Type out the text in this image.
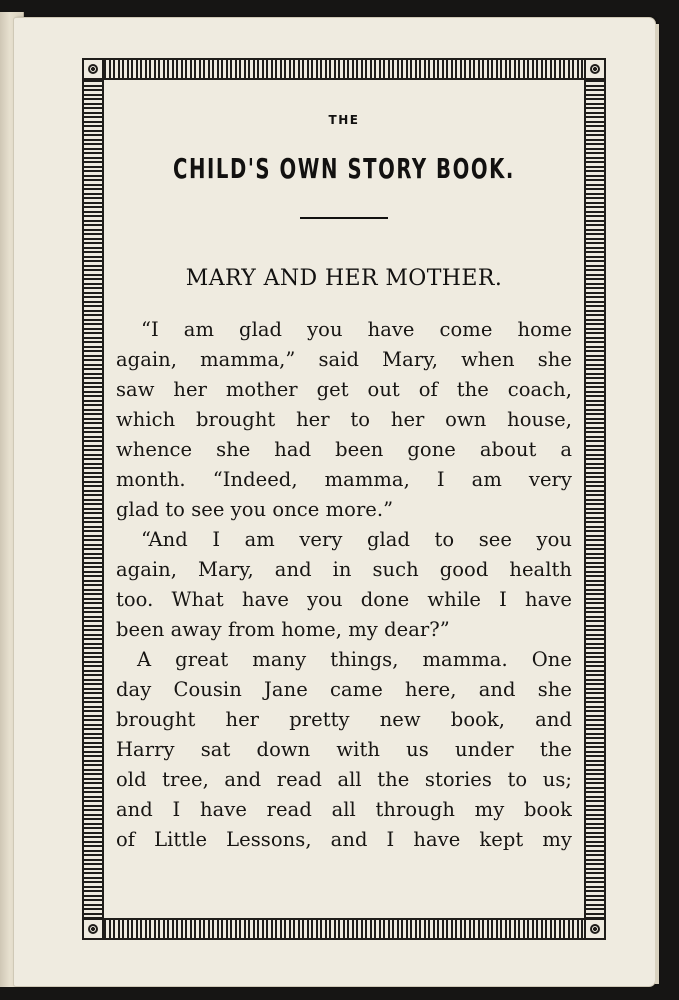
THE
CHILD'S OWN STORY BOOK.
MARY AND HER MOTHER.
“I am glad you have come home
again, mamma,” said Mary, when she
saw her mother get out of the coach,
which brought her to her own house,
whence she had been gone about a
month. “Indeed, mamma, I am very
glad to see you once more.”
“And I am very glad to see you
again, Mary, and in such good health
too. What have you done while I have
been away from home, my dear?”
A great many things, mamma. One
day Cousin Jane came here, and she
brought her pretty new book, and
Harry sat down with us under the
old tree, and read all the stories to us;
and I have read all through my book
of Little Lessons, and I have kept my
